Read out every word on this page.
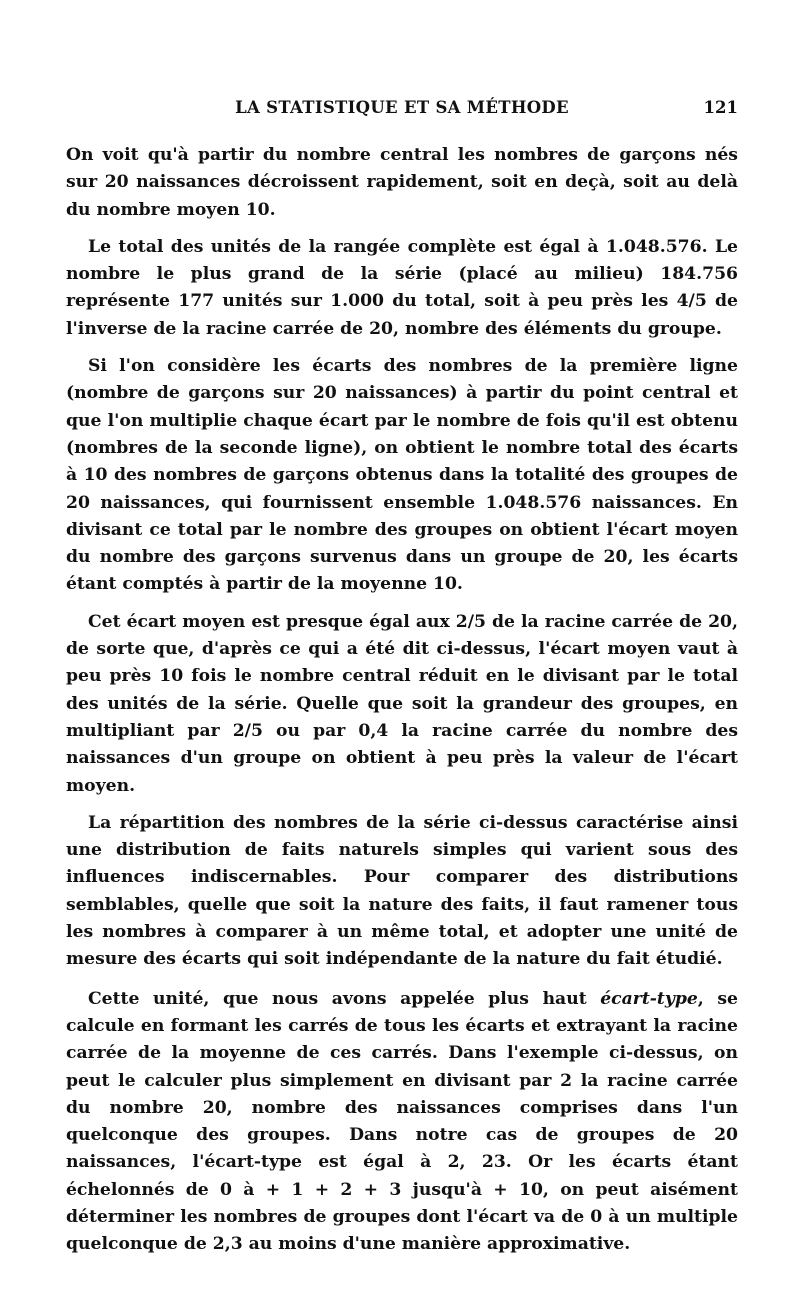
LA STATISTIQUE ET SA MÉTHODE	121

On voit qu'à partir du nombre central les nombres de garçons nés sur 20 naissances décroissent rapidement, soit en deçà, soit au delà du nombre moyen 10.

Le total des unités de la rangée complète est égal à 1.048.576. Le nombre le plus grand de la série (placé au milieu) 184.756 représente 177 unités sur 1.000 du total, soit à peu près les 4/5 de l'inverse de la racine carrée de 20, nombre des éléments du groupe.

Si l'on considère les écarts des nombres de la première ligne (nombre de garçons sur 20 naissances) à partir du point central et que l'on multiplie chaque écart par le nombre de fois qu'il est obtenu (nombres de la seconde ligne), on obtient le nombre total des écarts à 10 des nombres de garçons obtenus dans la totalité des groupes de 20 naissances, qui fournissent ensemble 1.048.576 naissances. En divisant ce total par le nombre des groupes on obtient l'écart moyen du nombre des garçons survenus dans un groupe de 20, les écarts étant comptés à partir de la moyenne 10.

Cet écart moyen est presque égal aux 2/5 de la racine carrée de 20, de sorte que, d'après ce qui a été dit ci-dessus, l'écart moyen vaut à peu près 10 fois le nombre central réduit en le divisant par le total des unités de la série. Quelle que soit la grandeur des groupes, en multipliant par 2/5 ou par 0,4 la racine carrée du nombre des naissances d'un groupe on obtient à peu près la valeur de l'écart moyen.

La répartition des nombres de la série ci-dessus caractérise ainsi une distribution de faits naturels simples qui varient sous des influences indiscernables. Pour comparer des distributions semblables, quelle que soit la nature des faits, il faut ramener tous les nombres à comparer à un même total, et adopter une unité de mesure des écarts qui soit indépendante de la nature du fait étudié.

Cette unité, que nous avons appelée plus haut écart-type, se calcule en formant les carrés de tous les écarts et extrayant la racine carrée de la moyenne de ces carrés. Dans l'exemple ci-dessus, on peut le calculer plus simplement en divisant par 2 la racine carrée du nombre 20, nombre des naissances comprises dans l'un quelconque des groupes. Dans notre cas de groupes de 20 naissances, l'écart-type est égal à 2, 23. Or les écarts étant échelonnés de 0 à + 1 + 2 + 3 jusqu'à + 10, on peut aisément déterminer les nombres de groupes dont l'écart va de 0 à un multiple quelconque de 2,3 au moins d'une manière approximative.
